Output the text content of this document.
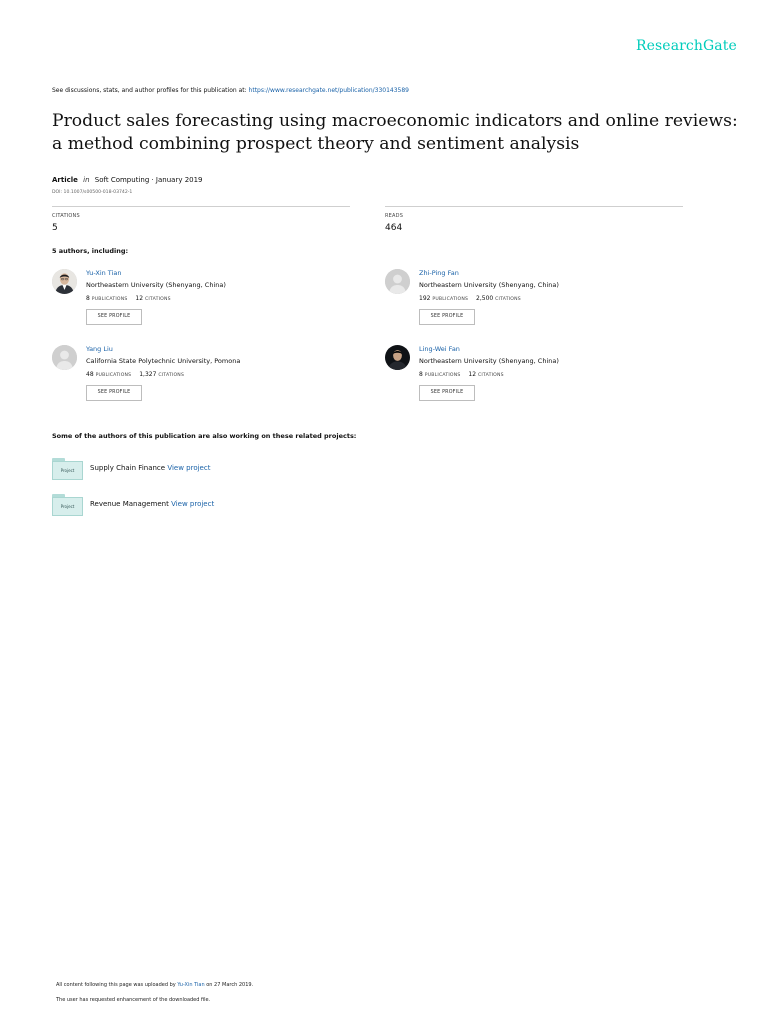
ResearchGate
See discussions, stats, and author profiles for this publication at: https://www.researchgate.net/publication/330143589
Product sales forecasting using macroeconomic indicators and online reviews:
a method combining prospect theory and sentiment analysis
Article in Soft Computing · January 2019
DOI: 10.1007/s00500-018-03742-1
CITATIONS
5
READS
464
5 authors, including:
Yu-Xin Tian
Northeastern University (Shenyang, China)
8 PUBLICATIONS 12 CITATIONS
SEE PROFILE
Zhi-Ping Fan
Northeastern University (Shenyang, China)
192 PUBLICATIONS 2,500 CITATIONS
SEE PROFILE
Yang Liu
California State Polytechnic University, Pomona
48 PUBLICATIONS 1,327 CITATIONS
SEE PROFILE
Ling-Wei Fan
Northeastern University (Shenyang, China)
8 PUBLICATIONS 12 CITATIONS
SEE PROFILE
Some of the authors of this publication are also working on these related projects:
Project	Supply Chain Finance View project
Project	Revenue Management View project
All content following this page was uploaded by Yu-Xin Tian on 27 March 2019.
The user has requested enhancement of the downloaded file.
